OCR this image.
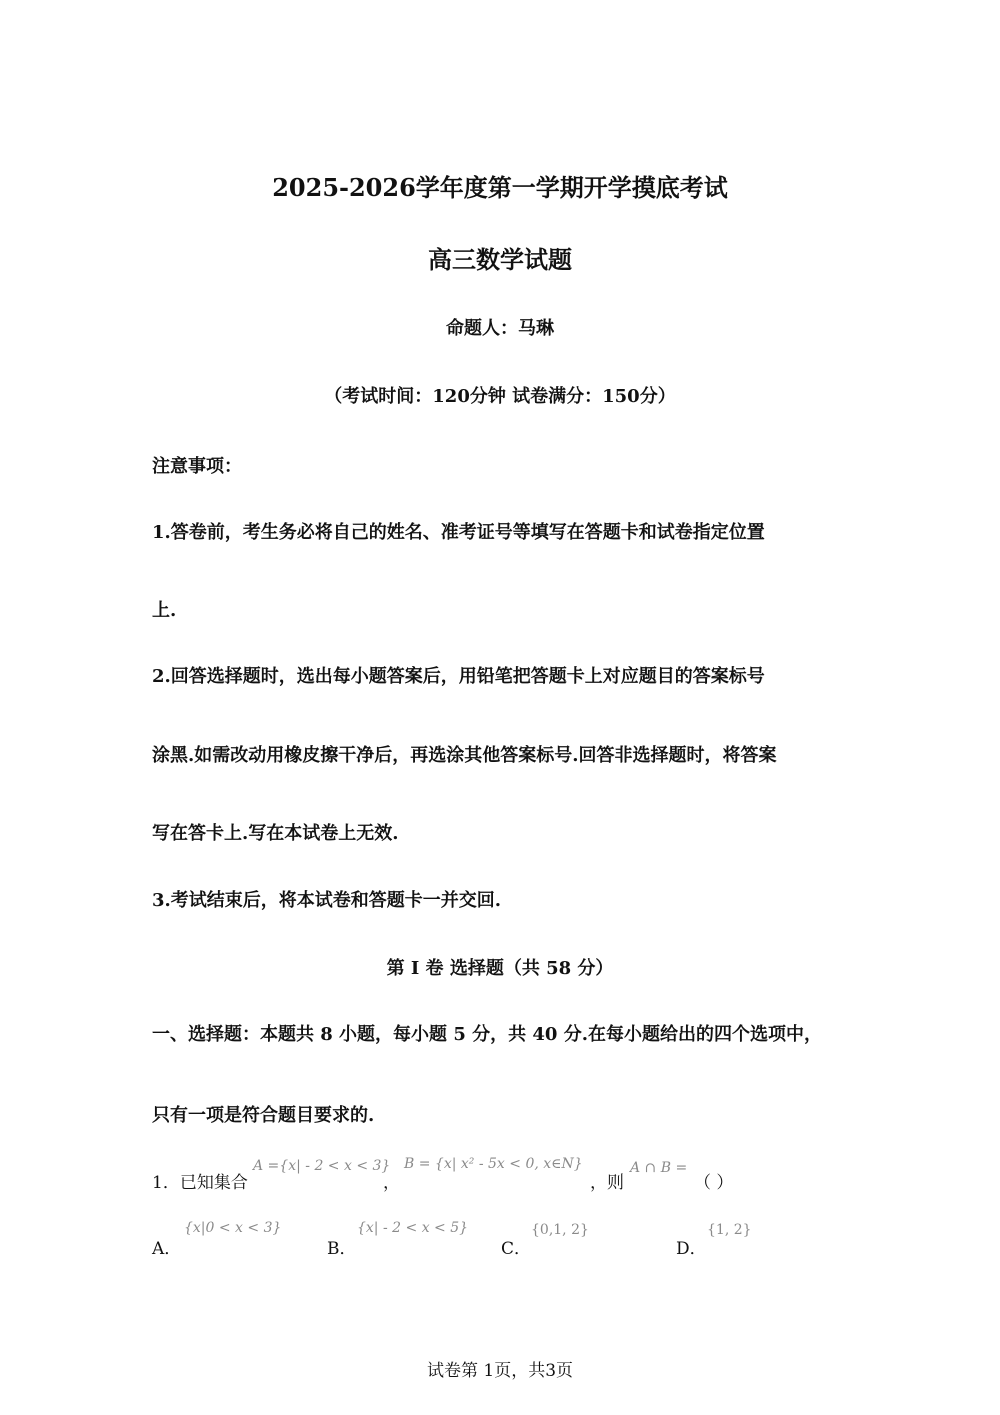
2025-2026学年度第一学期开学摸底考试
高三数学试题
命题人：马琳
（考试时间：120分钟 试卷满分：150分）
注意事项：
1.答卷前，考生务必将自己的姓名、准考证号等填写在答题卡和试卷指定位置
上.
2.回答选择题时，选出每小题答案后，用铅笔把答题卡上对应题目的答案标号
涂黑.如需改动用橡皮擦干净后，再选涂其他答案标号.回答非选择题时，将答案
写在答卡上.写在本试卷上无效.
3.考试结束后，将本试卷和答题卡一并交回.
第 I 卷 选择题（共 58 分）
一、选择题：本题共 8 小题，每小题 5 分，共 40 分.在每小题给出的四个选项中，
只有一项是符合题目要求的.
1．已知集合
A ={x| - 2 < x < 3}
，
B = {x| x² - 5x < 0, x∈N}
，则
A ∩ B =
（ ）
A．
{x|0 < x < 3}
B．
{x| - 2 < x < 5}
C．
{0,1, 2}
D．
{1, 2}
试卷第 1页，共3页
